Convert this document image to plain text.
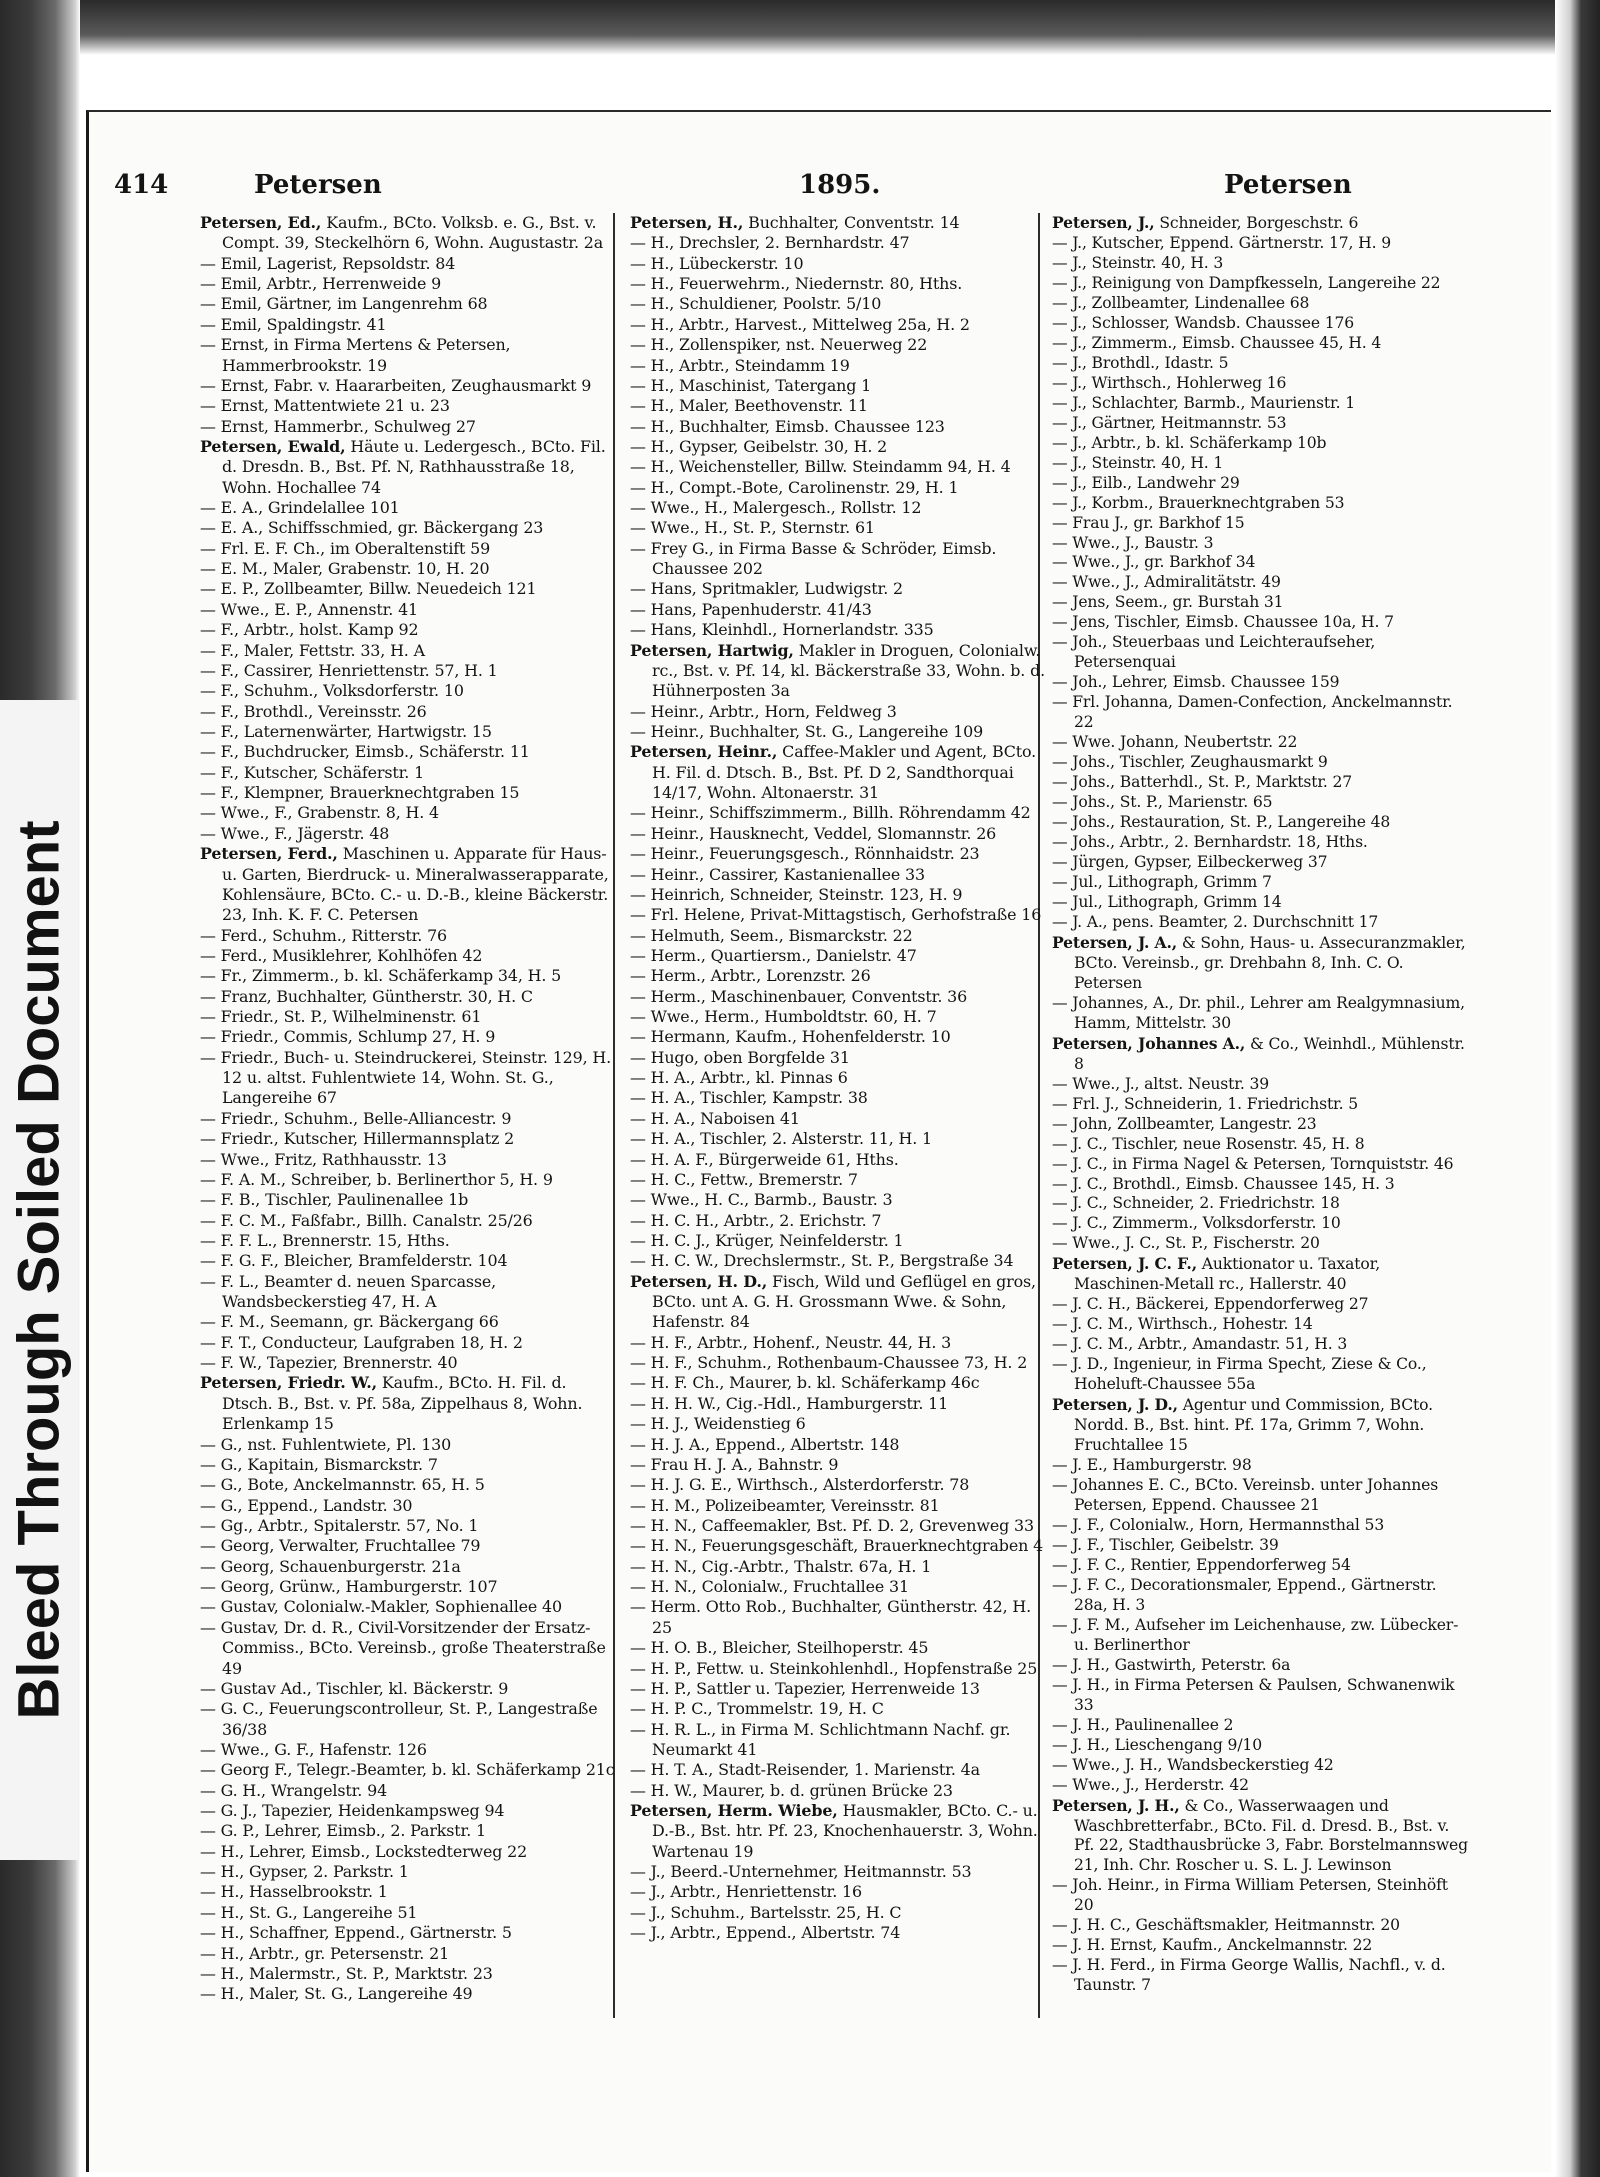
Bleed Through Soiled Document
414	Petersen	1895.	Petersen
Petersen, Ed., Kaufm., BCto. Volksb. e. G., Bst. v. Compt. 39, Steckelhörn 6, Wohn. Augustastr. 2a
— Emil, Lagerist, Repsoldstr. 84
— Emil, Arbtr., Herrenweide 9
— Emil, Gärtner, im Langenrehm 68
— Emil, Spaldingstr. 41
— Ernst, in Firma Mertens & Petersen, Hammerbrookstr. 19
— Ernst, Fabr. v. Haararbeiten, Zeughausmarkt 9
— Ernst, Mattentwiete 21 u. 23
— Ernst, Hammerbr., Schulweg 27
Petersen, Ewald, Häute u. Ledergesch., BCto. Fil. d. Dresdn. B., Bst. Pf. N, Rathhausstraße 18, Wohn. Hochallee 74
— E. A., Grindelallee 101
— E. A., Schiffsschmied, gr. Bäckergang 23
— Frl. E. F. Ch., im Oberaltenstift 59
— E. M., Maler, Grabenstr. 10, H. 20
— E. P., Zollbeamter, Billw. Neuedeich 121
— Wwe., E. P., Annenstr. 41
— F., Arbtr., holst. Kamp 92
— F., Maler, Fettstr. 33, H. A
— F., Cassirer, Henriettenstr. 57, H. 1
— F., Schuhm., Volksdorferstr. 10
— F., Brothdl., Vereinsstr. 26
— F., Laternenwärter, Hartwigstr. 15
— F., Buchdrucker, Eimsb., Schäferstr. 11
— F., Kutscher, Schäferstr. 1
— F., Klempner, Brauerknechtgraben 15
— Wwe., F., Grabenstr. 8, H. 4
— Wwe., F., Jägerstr. 48
Petersen, Ferd., Maschinen u. Apparate für Haus- u. Garten, Bierdruck- u. Mineralwasserapparate, Kohlensäure, BCto. C.- u. D.-B., kleine Bäckerstr. 23, Inh. K. F. C. Petersen
— Ferd., Schuhm., Ritterstr. 76
— Ferd., Musiklehrer, Kohlhöfen 42
— Fr., Zimmerm., b. kl. Schäferkamp 34, H. 5
— Franz, Buchhalter, Güntherstr. 30, H. C
— Friedr., St. P., Wilhelminenstr. 61
— Friedr., Commis, Schlump 27, H. 9
— Friedr., Buch- u. Steindruckerei, Steinstr. 129, H. 12 u. altst. Fuhlentwiete 14, Wohn. St. G., Langereihe 67
— Friedr., Schuhm., Belle-Alliancestr. 9
— Friedr., Kutscher, Hillermannsplatz 2
— Wwe., Fritz, Rathhausstr. 13
— F. A. M., Schreiber, b. Berlinerthor 5, H. 9
— F. B., Tischler, Paulinenallee 1b
— F. C. M., Faßfabr., Billh. Canalstr. 25/26
— F. F. L., Brennerstr. 15, Hths.
— F. G. F., Bleicher, Bramfelderstr. 104
— F. L., Beamter d. neuen Sparcasse, Wandsbeckerstieg 47, H. A
— F. M., Seemann, gr. Bäckergang 66
— F. T., Conducteur, Laufgraben 18, H. 2
— F. W., Tapezier, Brennerstr. 40
Petersen, Friedr. W., Kaufm., BCto. H. Fil. d. Dtsch. B., Bst. v. Pf. 58a, Zippelhaus 8, Wohn. Erlenkamp 15
— G., nst. Fuhlentwiete, Pl. 130
— G., Kapitain, Bismarckstr. 7
— G., Bote, Anckelmannstr. 65, H. 5
— G., Eppend., Landstr. 30
— Gg., Arbtr., Spitalerstr. 57, No. 1
— Georg, Verwalter, Fruchtallee 79
— Georg, Schauenburgerstr. 21a
— Georg, Grünw., Hamburgerstr. 107
— Gustav, Colonialw.-Makler, Sophienallee 40
— Gustav, Dr. d. R., Civil-Vorsitzender der Ersatz-Commiss., BCto. Vereinsb., große Theaterstraße 49
— Gustav Ad., Tischler, kl. Bäckerstr. 9
— G. C., Feuerungscontrolleur, St. P., Langestraße 36/38
— Wwe., G. F., Hafenstr. 126
— Georg F., Telegr.-Beamter, b. kl. Schäferkamp 21c
— G. H., Wrangelstr. 94
— G. J., Tapezier, Heidenkampsweg 94
— G. P., Lehrer, Eimsb., 2. Parkstr. 1
— H., Lehrer, Eimsb., Lockstedterweg 22
— H., Gypser, 2. Parkstr. 1
— H., Hasselbrookstr. 1
— H., St. G., Langereihe 51
— H., Schaffner, Eppend., Gärtnerstr. 5
— H., Arbtr., gr. Petersenstr. 21
— H., Malermstr., St. P., Marktstr. 23
— H., Maler, St. G., Langereihe 49
Petersen, H., Buchhalter, Conventstr. 14
— H., Drechsler, 2. Bernhardstr. 47
— H., Lübeckerstr. 10
— H., Feuerwehrm., Niedernstr. 80, Hths.
— H., Schuldiener, Poolstr. 5/10
— H., Arbtr., Harvest., Mittelweg 25a, H. 2
— H., Zollenspiker, nst. Neuerweg 22
— H., Arbtr., Steindamm 19
— H., Maschinist, Tatergang 1
— H., Maler, Beethovenstr. 11
— H., Buchhalter, Eimsb. Chaussee 123
— H., Gypser, Geibelstr. 30, H. 2
— H., Weichensteller, Billw. Steindamm 94, H. 4
— H., Compt.-Bote, Carolinenstr. 29, H. 1
— Wwe., H., Malergesch., Rollstr. 12
— Wwe., H., St. P., Sternstr. 61
— Frey G., in Firma Basse & Schröder, Eimsb. Chaussee 202
— Hans, Spritmakler, Ludwigstr. 2
— Hans, Papenhuderstr. 41/43
— Hans, Kleinhdl., Hornerlandstr. 335
Petersen, Hartwig, Makler in Droguen, Colonialw. rc., Bst. v. Pf. 14, kl. Bäckerstraße 33, Wohn. b. d. Hühnerposten 3a
— Heinr., Arbtr., Horn, Feldweg 3
— Heinr., Buchhalter, St. G., Langereihe 109
Petersen, Heinr., Caffee-Makler und Agent, BCto. H. Fil. d. Dtsch. B., Bst. Pf. D 2, Sandthorquai 14/17, Wohn. Altonaerstr. 31
— Heinr., Schiffszimmerm., Billh. Röhrendamm 42
— Heinr., Hausknecht, Veddel, Slomannstr. 26
— Heinr., Feuerungsgesch., Rönnhaidstr. 23
— Heinr., Cassirer, Kastanienallee 33
— Heinrich, Schneider, Steinstr. 123, H. 9
— Frl. Helene, Privat-Mittagstisch, Gerhofstraße 16
— Helmuth, Seem., Bismarckstr. 22
— Herm., Quartiersm., Danielstr. 47
— Herm., Arbtr., Lorenzstr. 26
— Herm., Maschinenbauer, Conventstr. 36
— Wwe., Herm., Humboldtstr. 60, H. 7
— Hermann, Kaufm., Hohenfelderstr. 10
— Hugo, oben Borgfelde 31
— H. A., Arbtr., kl. Pinnas 6
— H. A., Tischler, Kampstr. 38
— H. A., Naboisen 41
— H. A., Tischler, 2. Alsterstr. 11, H. 1
— H. A. F., Bürgerweide 61, Hths.
— H. C., Fettw., Bremerstr. 7
— Wwe., H. C., Barmb., Baustr. 3
— H. C. H., Arbtr., 2. Erichstr. 7
— H. C. J., Krüger, Neinfelderstr. 1
— H. C. W., Drechslermstr., St. P., Bergstraße 34
Petersen, H. D., Fisch, Wild und Geflügel en gros, BCto. unt A. G. H. Grossmann Wwe. & Sohn, Hafenstr. 84
— H. F., Arbtr., Hohenf., Neustr. 44, H. 3
— H. F., Schuhm., Rothenbaum-Chaussee 73, H. 2
— H. F. Ch., Maurer, b. kl. Schäferkamp 46c
— H. H. W., Cig.-Hdl., Hamburgerstr. 11
— H. J., Weidenstieg 6
— H. J. A., Eppend., Albertstr. 148
— Frau H. J. A., Bahnstr. 9
— H. J. G. E., Wirthsch., Alsterdorferstr. 78
— H. M., Polizeibeamter, Vereinsstr. 81
— H. N., Caffeemakler, Bst. Pf. D. 2, Grevenweg 33
— H. N., Feuerungsgeschäft, Brauerknechtgraben 4
— H. N., Cig.-Arbtr., Thalstr. 67a, H. 1
— H. N., Colonialw., Fruchtallee 31
— Herm. Otto Rob., Buchhalter, Güntherstr. 42, H. 25
— H. O. B., Bleicher, Steilhoperstr. 45
— H. P., Fettw. u. Steinkohlenhdl., Hopfenstraße 25
— H. P., Sattler u. Tapezier, Herrenweide 13
— H. P. C., Trommelstr. 19, H. C
— H. R. L., in Firma M. Schlichtmann Nachf. gr. Neumarkt 41
— H. T. A., Stadt-Reisender, 1. Marienstr. 4a
— H. W., Maurer, b. d. grünen Brücke 23
Petersen, Herm. Wiebe, Hausmakler, BCto. C.- u. D.-B., Bst. htr. Pf. 23, Knochenhauerstr. 3, Wohn. Wartenau 19
— J., Beerd.-Unternehmer, Heitmannstr. 53
— J., Arbtr., Henriettenstr. 16
— J., Schuhm., Bartelsstr. 25, H. C
— J., Arbtr., Eppend., Albertstr. 74
Petersen, J., Schneider, Borgeschstr. 6
— J., Kutscher, Eppend. Gärtnerstr. 17, H. 9
— J., Steinstr. 40, H. 3
— J., Reinigung von Dampfkesseln, Langereihe 22
— J., Zollbeamter, Lindenallee 68
— J., Schlosser, Wandsb. Chaussee 176
— J., Zimmerm., Eimsb. Chaussee 45, H. 4
— J., Brothdl., Idastr. 5
— J., Wirthsch., Hohlerweg 16
— J., Schlachter, Barmb., Maurienstr. 1
— J., Gärtner, Heitmannstr. 53
— J., Arbtr., b. kl. Schäferkamp 10b
— J., Steinstr. 40, H. 1
— J., Eilb., Landwehr 29
— J., Korbm., Brauerknechtgraben 53
— Frau J., gr. Barkhof 15
— Wwe., J., Baustr. 3
— Wwe., J., gr. Barkhof 34
— Wwe., J., Admiralitätstr. 49
— Jens, Seem., gr. Burstah 31
— Jens, Tischler, Eimsb. Chaussee 10a, H. 7
— Joh., Steuerbaas und Leichteraufseher, Petersenquai
— Joh., Lehrer, Eimsb. Chaussee 159
— Frl. Johanna, Damen-Confection, Anckelmannstr. 22
— Wwe. Johann, Neubertstr. 22
— Johs., Tischler, Zeughausmarkt 9
— Johs., Batterhdl., St. P., Marktstr. 27
— Johs., St. P., Marienstr. 65
— Johs., Restauration, St. P., Langereihe 48
— Johs., Arbtr., 2. Bernhardstr. 18, Hths.
— Jürgen, Gypser, Eilbeckerweg 37
— Jul., Lithograph, Grimm 7
— Jul., Lithograph, Grimm 14
— J. A., pens. Beamter, 2. Durchschnitt 17
Petersen, J. A., & Sohn, Haus- u. Assecuranzmakler, BCto. Vereinsb., gr. Drehbahn 8, Inh. C. O. Petersen
— Johannes, A., Dr. phil., Lehrer am Realgymnasium, Hamm, Mittelstr. 30
Petersen, Johannes A., & Co., Weinhdl., Mühlenstr. 8
— Wwe., J., altst. Neustr. 39
— Frl. J., Schneiderin, 1. Friedrichstr. 5
— John, Zollbeamter, Langestr. 23
— J. C., Tischler, neue Rosenstr. 45, H. 8
— J. C., in Firma Nagel & Petersen, Tornquiststr. 46
— J. C., Brothdl., Eimsb. Chaussee 145, H. 3
— J. C., Schneider, 2. Friedrichstr. 18
— J. C., Zimmerm., Volksdorferstr. 10
— Wwe., J. C., St. P., Fischerstr. 20
Petersen, J. C. F., Auktionator u. Taxator, Maschinen-Metall rc., Hallerstr. 40
— J. C. H., Bäckerei, Eppendorferweg 27
— J. C. M., Wirthsch., Hohestr. 14
— J. C. M., Arbtr., Amandastr. 51, H. 3
— J. D., Ingenieur, in Firma Specht, Ziese & Co., Hoheluft-Chaussee 55a
Petersen, J. D., Agentur und Commission, BCto. Nordd. B., Bst. hint. Pf. 17a, Grimm 7, Wohn. Fruchtallee 15
— J. E., Hamburgerstr. 98
— Johannes E. C., BCto. Vereinsb. unter Johannes Petersen, Eppend. Chaussee 21
— J. F., Colonialw., Horn, Hermannsthal 53
— J. F., Tischler, Geibelstr. 39
— J. F. C., Rentier, Eppendorferweg 54
— J. F. C., Decorationsmaler, Eppend., Gärtnerstr. 28a, H. 3
— J. F. M., Aufseher im Leichenhause, zw. Lübecker- u. Berlinerthor
— J. H., Gastwirth, Peterstr. 6a
— J. H., in Firma Petersen & Paulsen, Schwanenwik 33
— J. H., Paulinenallee 2
— J. H., Lieschengang 9/10
— Wwe., J. H., Wandsbeckerstieg 42
— Wwe., J., Herderstr. 42
Petersen, J. H., & Co., Wasserwaagen und Waschbretterfabr., BCto. Fil. d. Dresd. B., Bst. v. Pf. 22, Stadthausbrücke 3, Fabr. Borstelmannsweg 21, Inh. Chr. Roscher u. S. L. J. Lewinson
— Joh. Heinr., in Firma William Petersen, Steinhöft 20
— J. H. C., Geschäftsmakler, Heitmannstr. 20
— J. H. Ernst, Kaufm., Anckelmannstr. 22
— J. H. Ferd., in Firma George Wallis, Nachfl., v. d. Taunstr. 7
